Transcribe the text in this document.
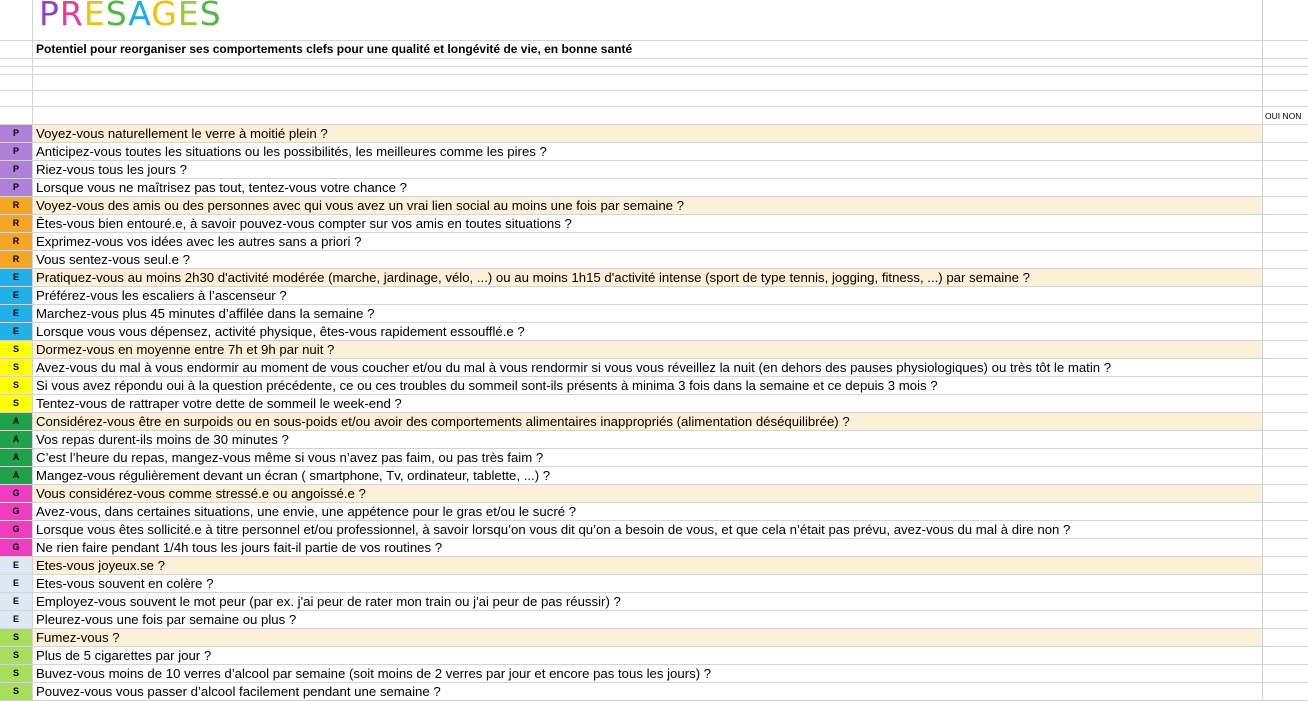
PRESAGES
Potentiel pour reorganiser ses comportements clefs pour une qualité et longévité de vie, en bonne santé
OUI NON
P	Voyez-vous naturellement le verre à moitié plein ?
P	Anticipez-vous toutes les situations ou les possibilités, les meilleures comme les pires ?
P	Riez-vous tous les jours ?
P	Lorsque vous ne maîtrisez pas tout, tentez-vous votre chance ?
R	Voyez-vous des amis ou des personnes avec qui vous avez un vrai lien social au moins une fois par semaine ?
R	Êtes-vous bien entouré.e, à savoir pouvez-vous compter sur vos amis en toutes situations ?
R	Exprimez-vous vos idées avec les autres sans a priori ?
R	Vous sentez-vous seul.e ?
E	Pratiquez-vous au moins 2h30 d'activité modérée (marche, jardinage, vélo, ...) ou au moins 1h15 d'activité intense (sport de type tennis, jogging, fitness, ...) par semaine ?
E	Préférez-vous les escaliers à l’ascenseur ?
E	Marchez-vous plus 45 minutes d’affilée dans la semaine ?
E	Lorsque vous vous dépensez, activité physique, êtes-vous rapidement essoufflé.e ?
S	Dormez-vous en moyenne entre 7h et 9h par nuit ?
S	Avez-vous du mal à vous endormir au moment de vous coucher et/ou du mal à vous rendormir si vous vous réveillez la nuit (en dehors des pauses physiologiques) ou très tôt le matin ?
S	Si vous avez répondu oui à la question précédente, ce ou ces troubles du sommeil sont-ils présents à minima 3 fois dans la semaine et ce depuis 3 mois ?
S	Tentez-vous de rattraper votre dette de sommeil le week-end ?
A	Considérez-vous être en surpoids ou en sous-poids et/ou avoir des comportements alimentaires inappropriés (alimentation déséquilibrée) ?
A	Vos repas durent-ils moins de 30 minutes ?
A	C’est l’heure du repas, mangez-vous même si vous n’avez pas faim, ou pas très faim ?
A	Mangez-vous régulièrement devant un écran ( smartphone, Tv, ordinateur, tablette, ...) ?
G	Vous considérez-vous comme stressé.e ou angoissé.e ?
G	Avez-vous, dans certaines situations, une envie, une appétence pour le gras et/ou le sucré ?
G	Lorsque vous êtes sollicité.e à titre personnel et/ou professionnel, à savoir lorsqu’on vous dit qu’on a besoin de vous, et que cela n’était pas prévu, avez-vous du mal à dire non ?
G	Ne rien faire pendant 1/4h tous les jours fait-il partie de vos routines ?
E	Etes-vous joyeux.se ?
E	Etes-vous souvent en colère ?
E	Employez-vous souvent le mot peur (par ex. j'ai peur de rater mon train ou j'ai peur de pas réussir) ?
E	Pleurez-vous une fois par semaine ou plus ?
S	Fumez-vous ?
S	Plus de 5 cigarettes par jour ?
S	Buvez-vous moins de 10 verres d’alcool par semaine (soit moins de 2 verres par jour et encore pas tous les jours) ?
S	Pouvez-vous vous passer d’alcool facilement pendant une semaine ?
